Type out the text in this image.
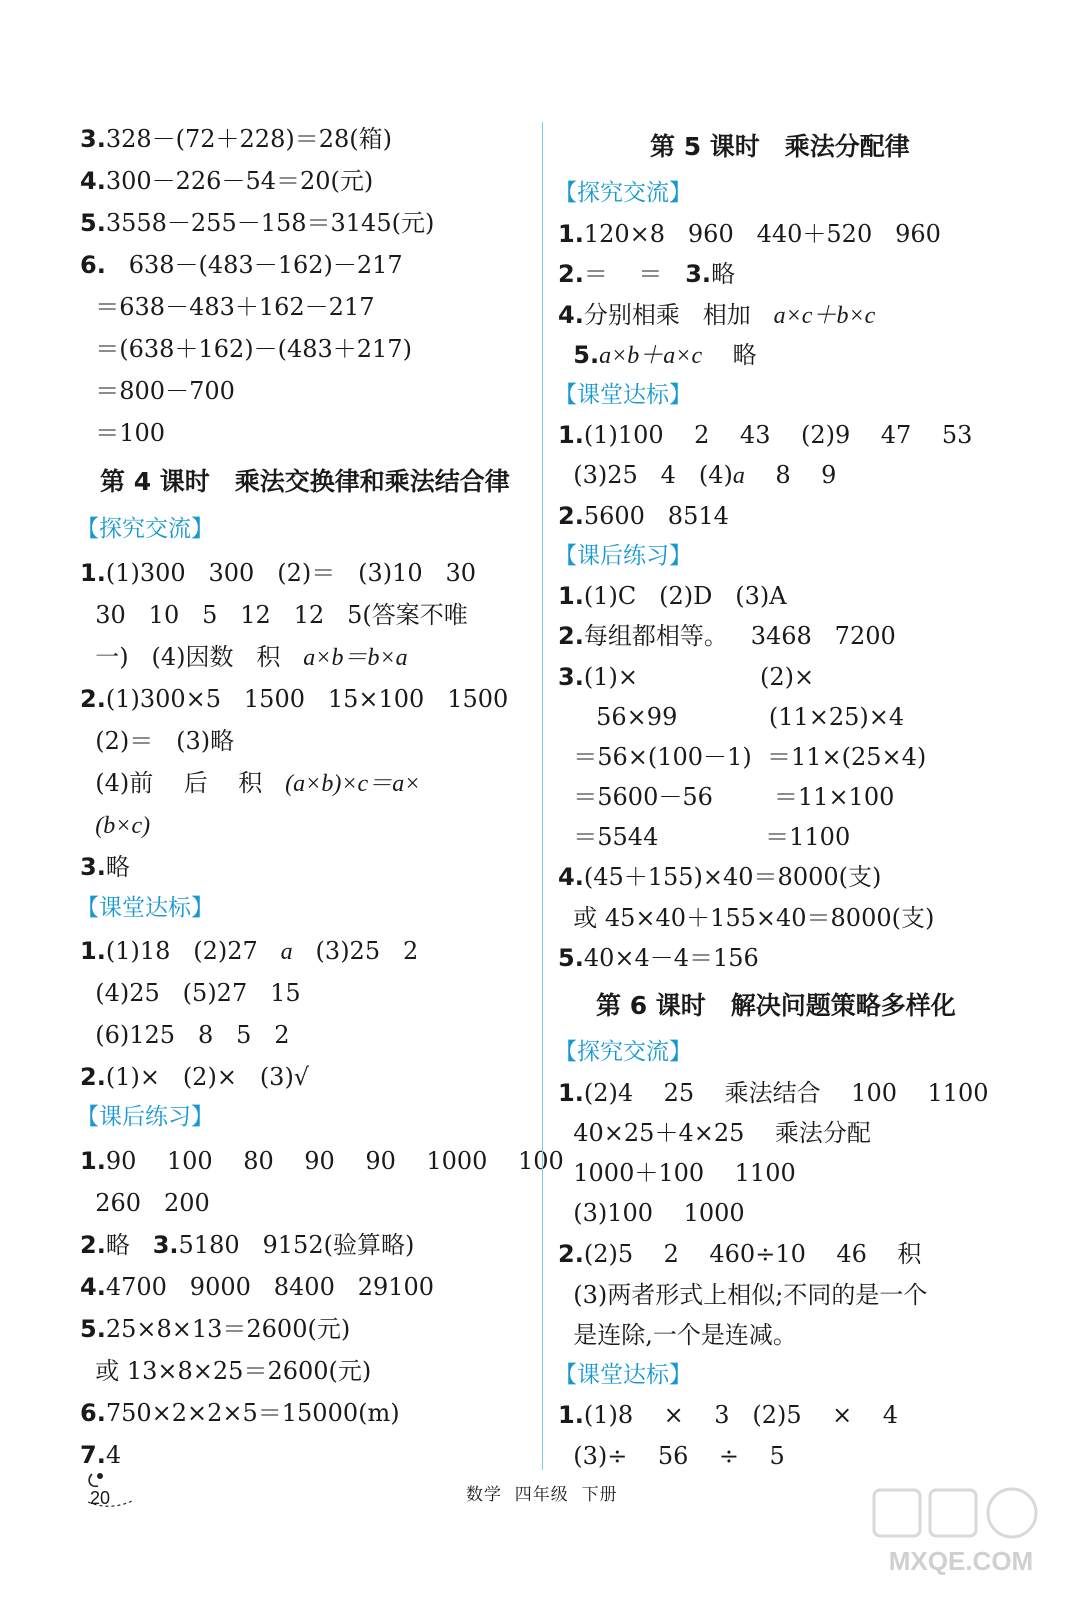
3.328－(72＋228)＝28(箱)
4.300－226－54＝20(元)
5.3558－255－158＝3145(元)
6.   638－(483－162)－217
＝638－483＋162－217
＝(638＋162)－(483＋217)
＝800－700
＝100
第 4 课时　乘法交换律和乘法结合律
【探究交流】
1.(1)300   300   (2)＝   (3)10   30
30   10   5   12   12   5(答案不唯
一)   (4)因数   积   a×b＝b×a
2.(1)300×5   1500   15×100   1500
(2)＝   (3)略
(4)前    后    积   (a×b)×c＝a×
(b×c)
3.略
【课堂达标】
1.(1)18   (2)27   a   (3)25   2
(4)25   (5)27   15
(6)125   8   5   2
2.(1)×   (2)×   (3)√
【课后练习】
1.90    100    80    90    90    1000    100
260   200
2.略   3.5180   9152(验算略)
4.4700   9000   8400   29100
5.25×8×13＝2600(元)
或 13×8×25＝2600(元)
6.750×2×2×5＝15000(m)
7.4
第 5 课时　乘法分配律
【探究交流】
1.120×8   960   440＋520   960
2.＝    ＝   3.略
4.分别相乘   相加   a×c＋b×c
5.a×b＋a×c 略
【课堂达标】
1.(1)100    2    43    (2)9    47    53
(3)25   4   (4)a    8    9
2.5600   8514
【课后练习】
1.(1)C   (2)D   (3)A
2.每组都相等。   3468   7200
3.(1)×                (2)×
56×99            (11×25)×4
＝56×(100－1)  ＝11×(25×4)
＝5600－56        ＝11×100
＝5544              ＝1100
4.(45＋155)×40＝8000(支)
或 45×40＋155×40＝8000(支)
5.40×4－4＝156
第 6 课时　解决问题策略多样化
【探究交流】
1.(2)4    25    乘法结合    100    1100
40×25＋4×25    乘法分配
1000＋100    1100
(3)100    1000
2.(2)5    2    460÷10    46    积
(3)两者形式上相似;不同的是一个
是连除,一个是连减。
【课堂达标】
1.(1)8    ×    3   (2)5    ×    4
(3)÷    56    ÷    5
20	数学  四年级  下册
MXQE.COM
